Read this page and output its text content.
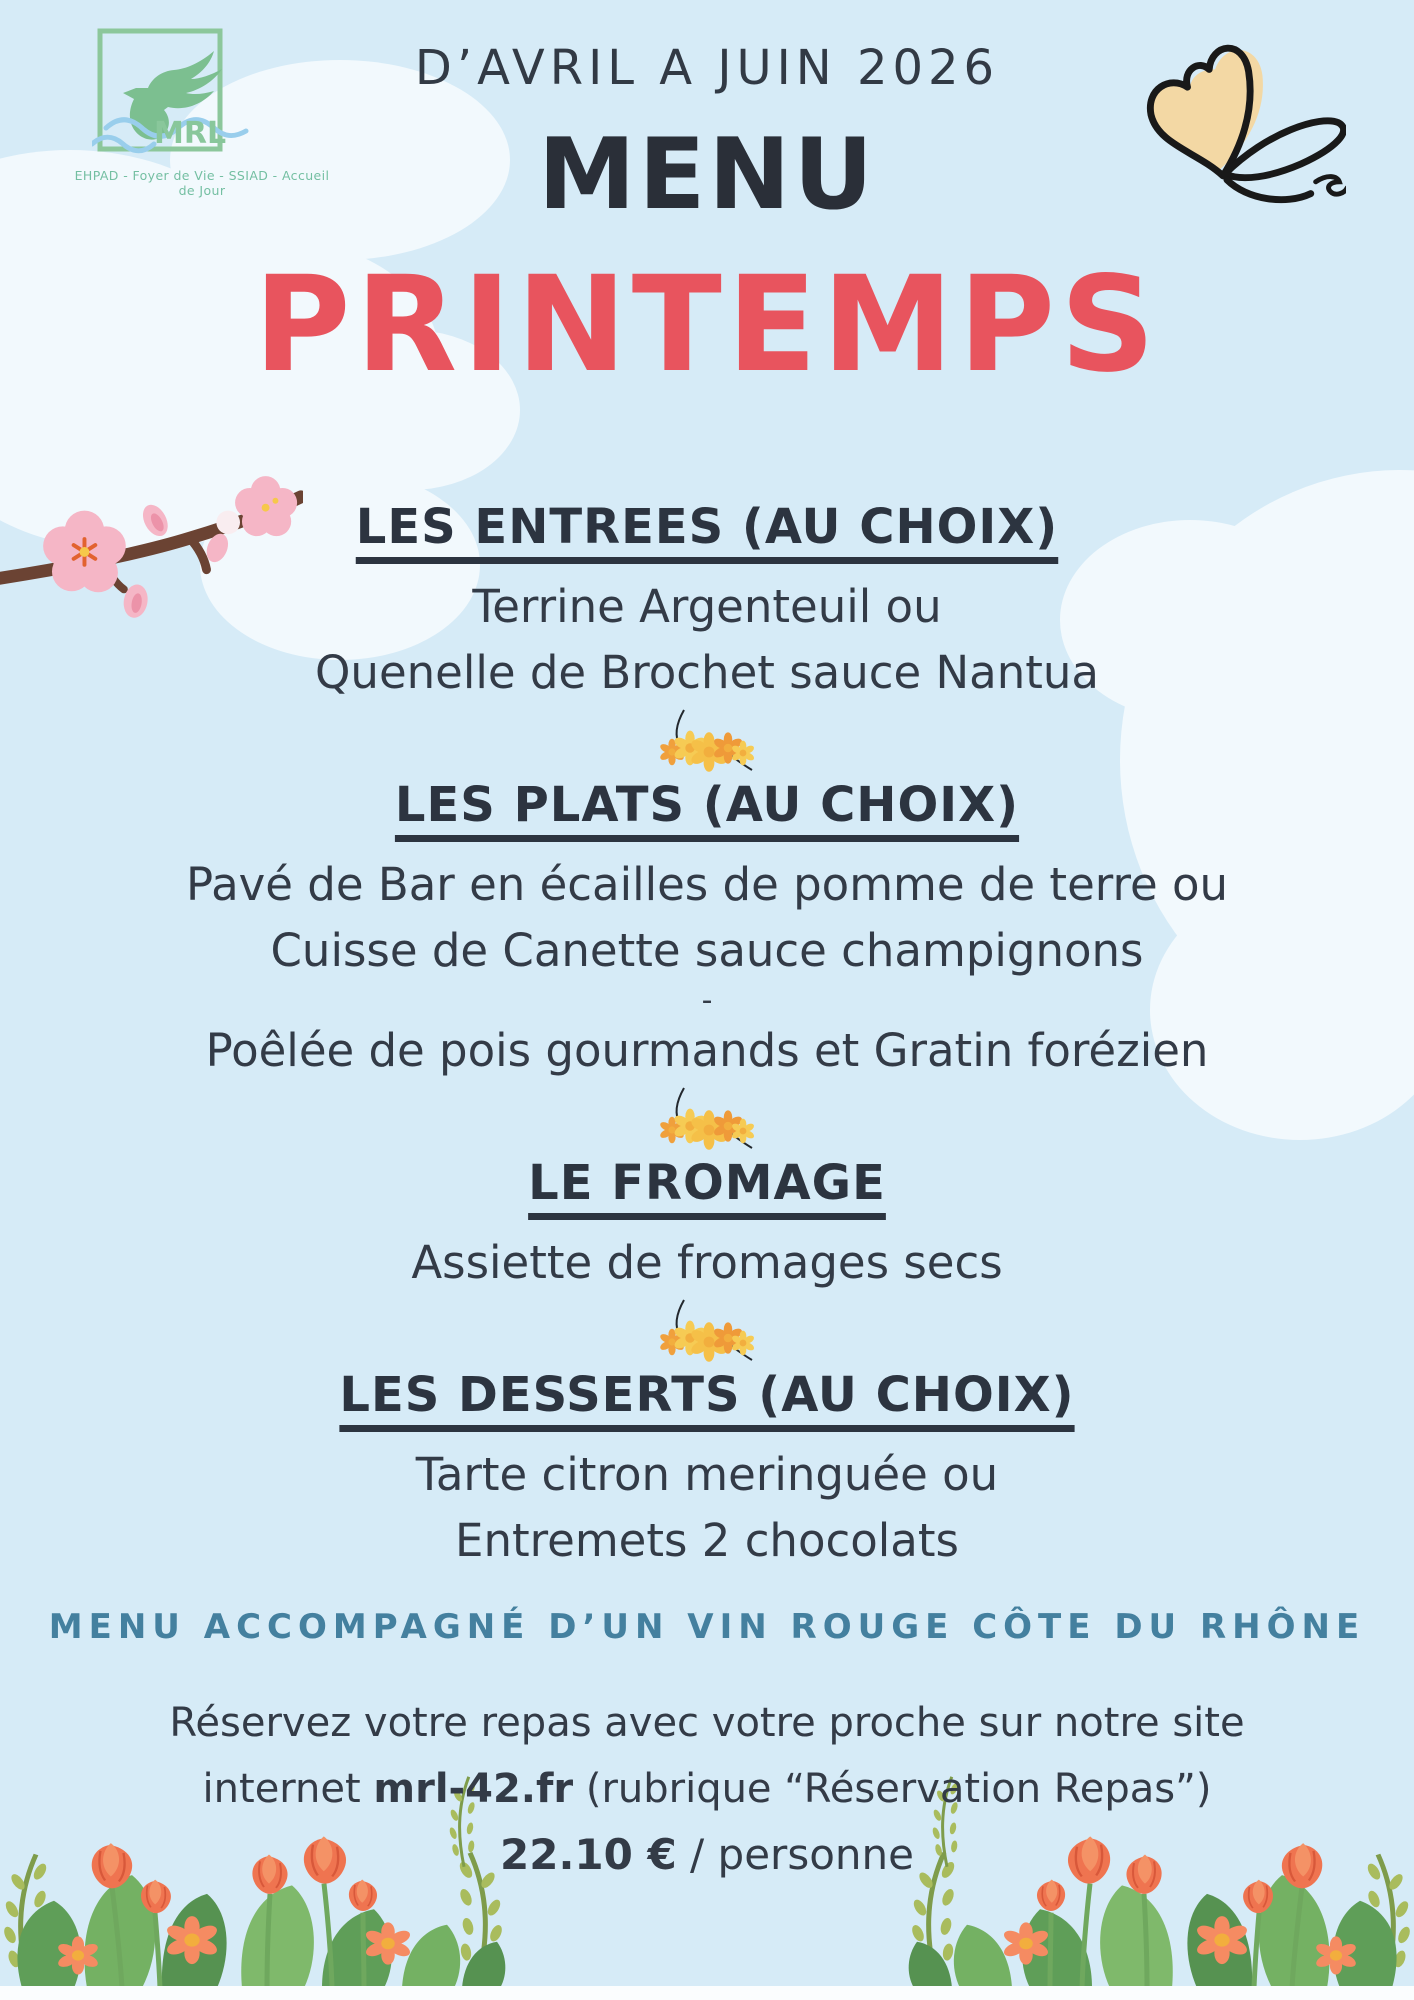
MRL
EHPAD - Foyer de Vie - SSIAD - Accueil de Jour
D’AVRIL A JUIN 2026
MENU
PRINTEMPS
LES ENTREES (AU CHOIX)

Terrine Argenteuil ou

Quenelle de Brochet sauce Nantua

LES PLATS (AU CHOIX)

Pavé de Bar en écailles de pomme de terre ou

Cuisse de Canette sauce champignons

-

Poêlée de pois gourmands et Gratin forézien

LE FROMAGE

Assiette de fromages secs

LES DESSERTS (AU CHOIX)

Tarte citron meringuée ou

Entremets 2 chocolats

MENU ACCOMPAGNÉ D’UN VIN ROUGE CÔTE DU RHÔNE
Réservez votre repas avec votre proche sur notre site
internet mrl-42.fr (rubrique “Réservation Repas”)
22.10 € / personne
